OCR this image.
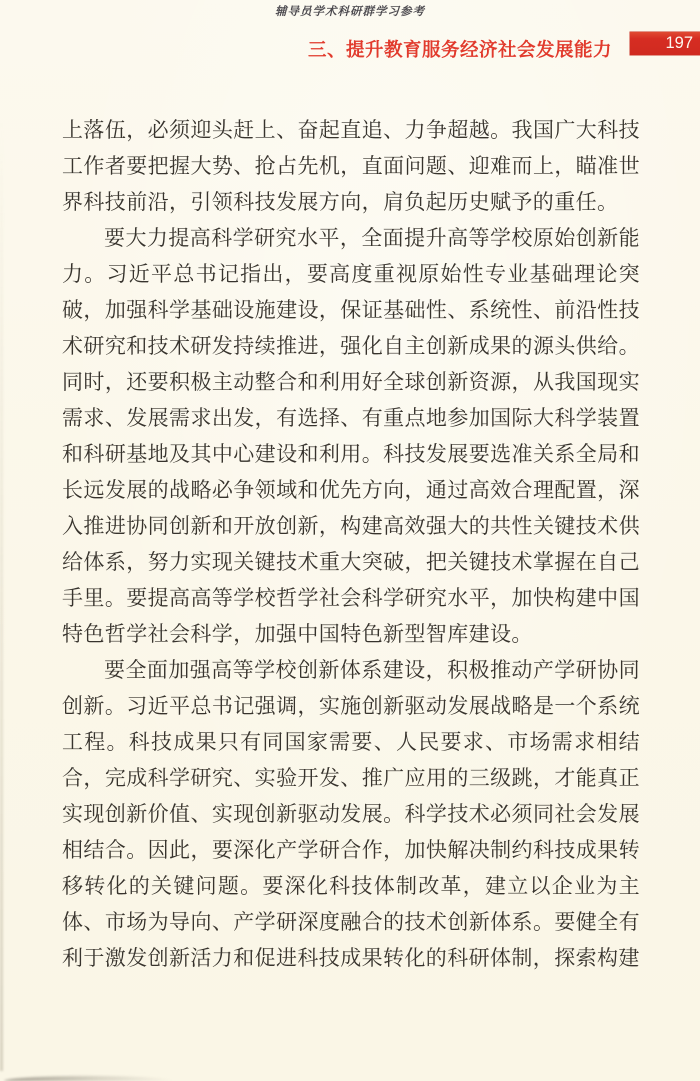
辅导员学术科研群学习参考
三、提升教育服务经济社会发展能力	197

上落伍，必须迎头赶上、奋起直追、力争超越。我国广大科技工作者要把握大势、抢占先机，直面问题、迎难而上，瞄准世界科技前沿，引领科技发展方向，肩负起历史赋予的重任。

要大力提高科学研究水平，全面提升高等学校原始创新能力。习近平总书记指出，要高度重视原始性专业基础理论突破，加强科学基础设施建设，保证基础性、系统性、前沿性技术研究和技术研发持续推进，强化自主创新成果的源头供给。同时，还要积极主动整合和利用好全球创新资源，从我国现实需求、发展需求出发，有选择、有重点地参加国际大科学装置和科研基地及其中心建设和利用。科技发展要选准关系全局和长远发展的战略必争领域和优先方向，通过高效合理配置，深入推进协同创新和开放创新，构建高效强大的共性关键技术供给体系，努力实现关键技术重大突破，把关键技术掌握在自己手里。要提高高等学校哲学社会科学研究水平，加快构建中国特色哲学社会科学，加强中国特色新型智库建设。

要全面加强高等学校创新体系建设，积极推动产学研协同创新。习近平总书记强调，实施创新驱动发展战略是一个系统工程。科技成果只有同国家需要、人民要求、市场需求相结合，完成科学研究、实验开发、推广应用的三级跳，才能真正实现创新价值、实现创新驱动发展。科学技术必须同社会发展相结合。因此，要深化产学研合作，加快解决制约科技成果转移转化的关键问题。要深化科技体制改革，建立以企业为主体、市场为导向、产学研深度融合的技术创新体系。要健全有利于激发创新活力和促进科技成果转化的科研体制，探索构建
